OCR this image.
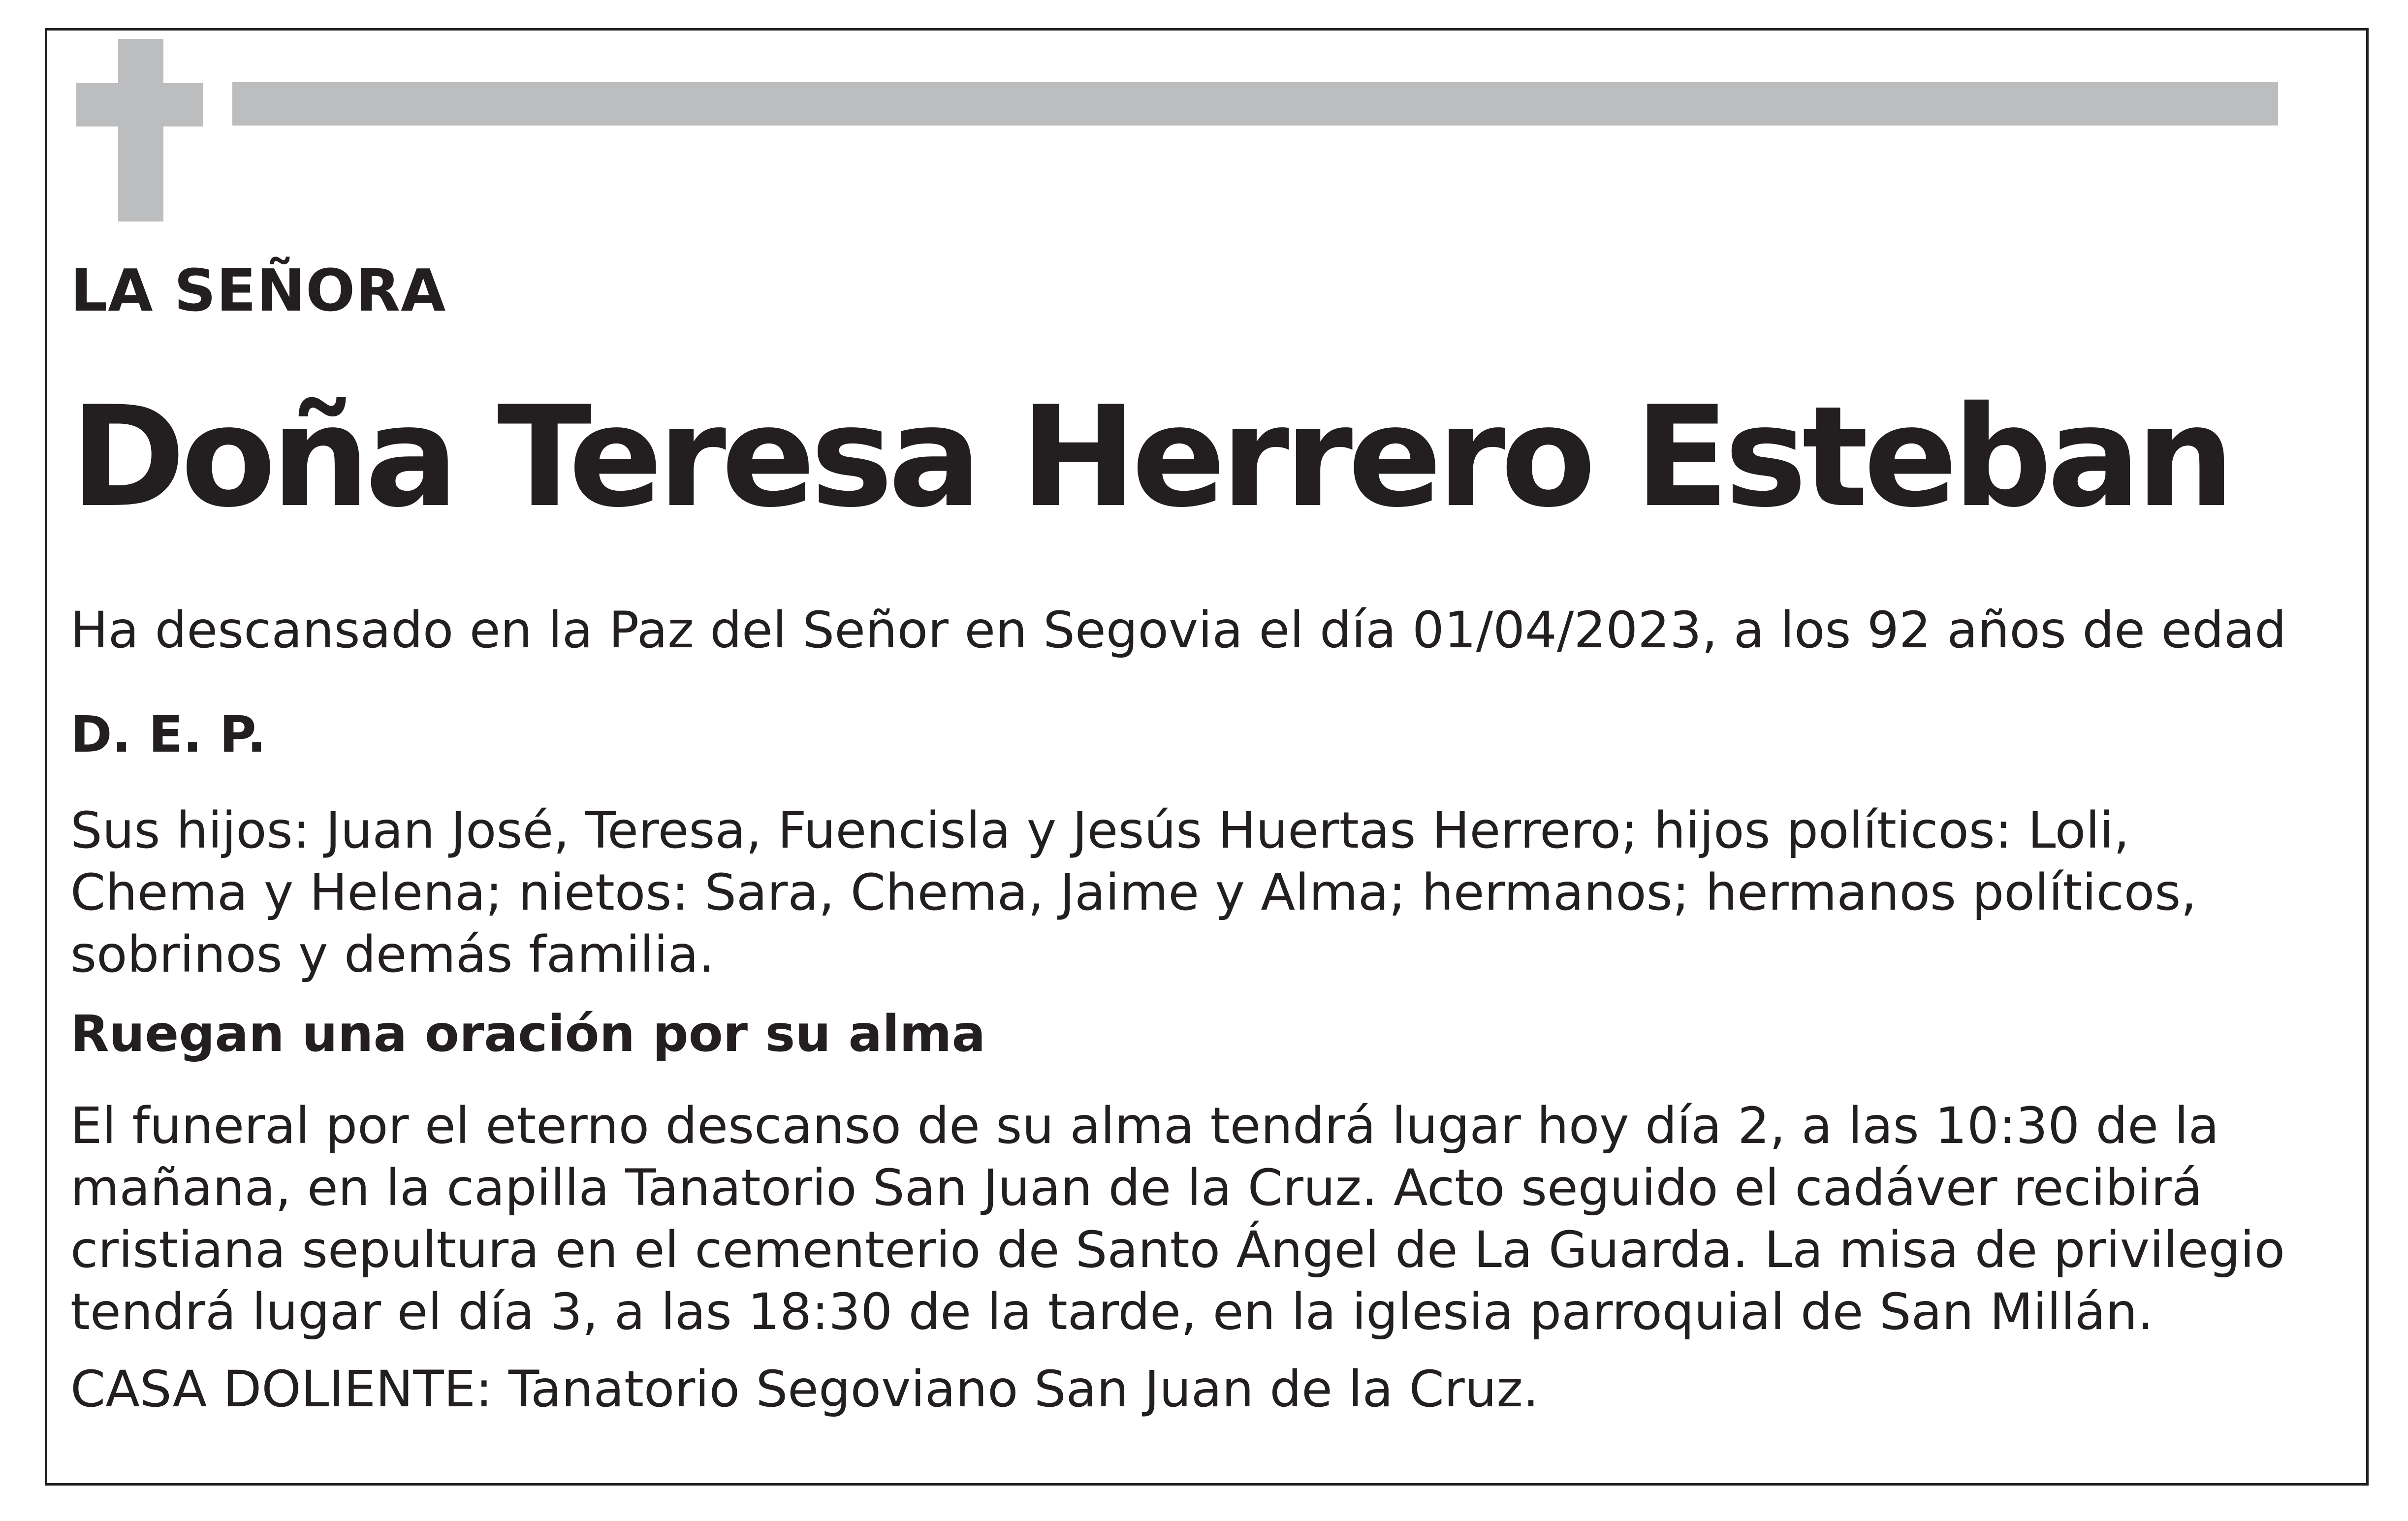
LA SEÑORA
Doña Teresa Herrero Esteban
Ha descansado en la Paz del Señor en Segovia el día 01/04/2023, a los 92 años de edad
D. E. P.
Sus hijos: Juan José, Teresa, Fuencisla y Jesús Huertas Herrero; hijos políticos: Loli,
Chema y Helena; nietos: Sara, Chema, Jaime y Alma; hermanos; hermanos políticos,
sobrinos y demás familia.
Ruegan una oración por su alma
El funeral por el eterno descanso de su alma tendrá lugar hoy día 2, a las 10:30 de la
mañana, en la capilla Tanatorio San Juan de la Cruz. Acto seguido el cadáver recibirá
cristiana sepultura en el cementerio de Santo Ángel de La Guarda. La misa de privilegio
tendrá lugar el día 3, a las 18:30 de la tarde, en la iglesia parroquial de San Millán.
CASA DOLIENTE: Tanatorio Segoviano San Juan de la Cruz.
